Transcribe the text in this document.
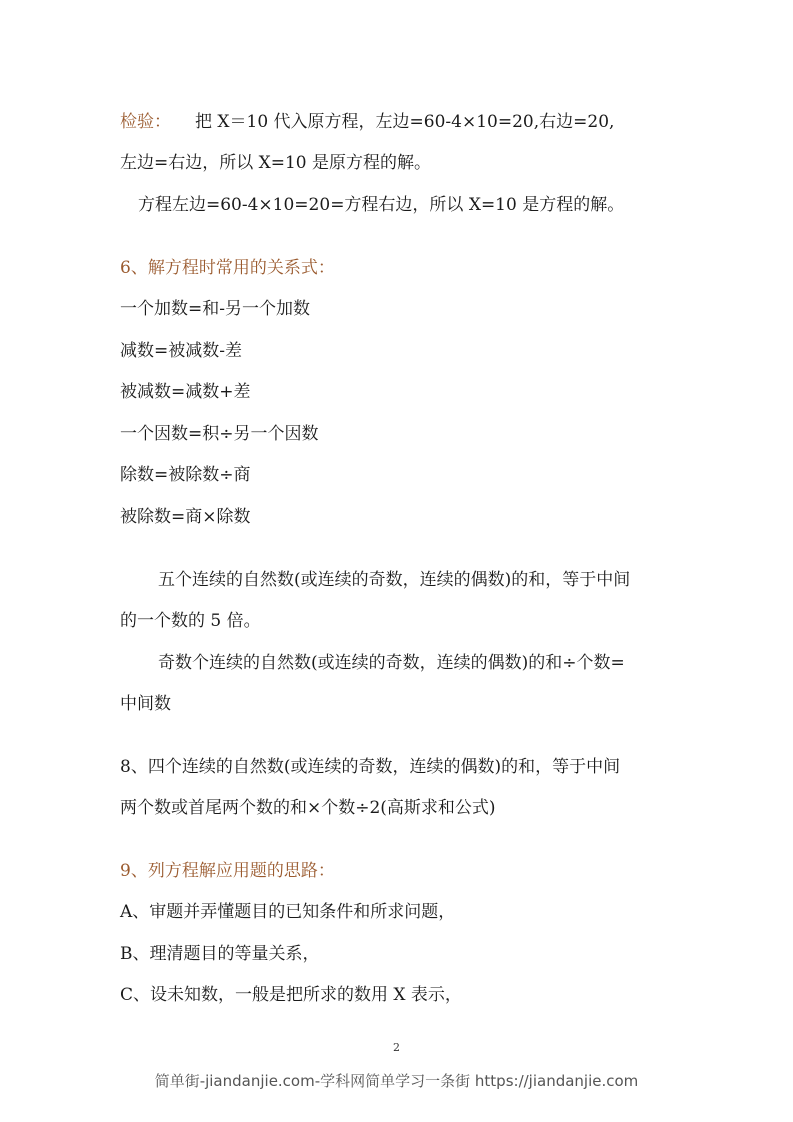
检验： 把 X＝10 代入原方程，左边=60-4×10=20,右边=20,

左边=右边，所以 X=10 是原方程的解。

方程左边=60-4×10=20=方程右边，所以 X=10 是方程的解。

6、解方程时常用的关系式：

一个加数=和-另一个加数

减数=被减数-差

被减数=减数+差

一个因数=积÷另一个因数

除数=被除数÷商

被除数=商×除数

五个连续的自然数(或连续的奇数，连续的偶数)的和，等于中间

的一个数的 5 倍。

奇数个连续的自然数(或连续的奇数，连续的偶数)的和÷个数=

中间数

8、四个连续的自然数(或连续的奇数，连续的偶数)的和，等于中间

两个数或首尾两个数的和×个数÷2(高斯求和公式)

9、列方程解应用题的思路：

A、审题并弄懂题目的已知条件和所求问题，

B、理清题目的等量关系，

C、设未知数，一般是把所求的数用 X 表示，

2
简单街-jiandanjie.com-学科网简单学习一条街 https://jiandanjie.com
